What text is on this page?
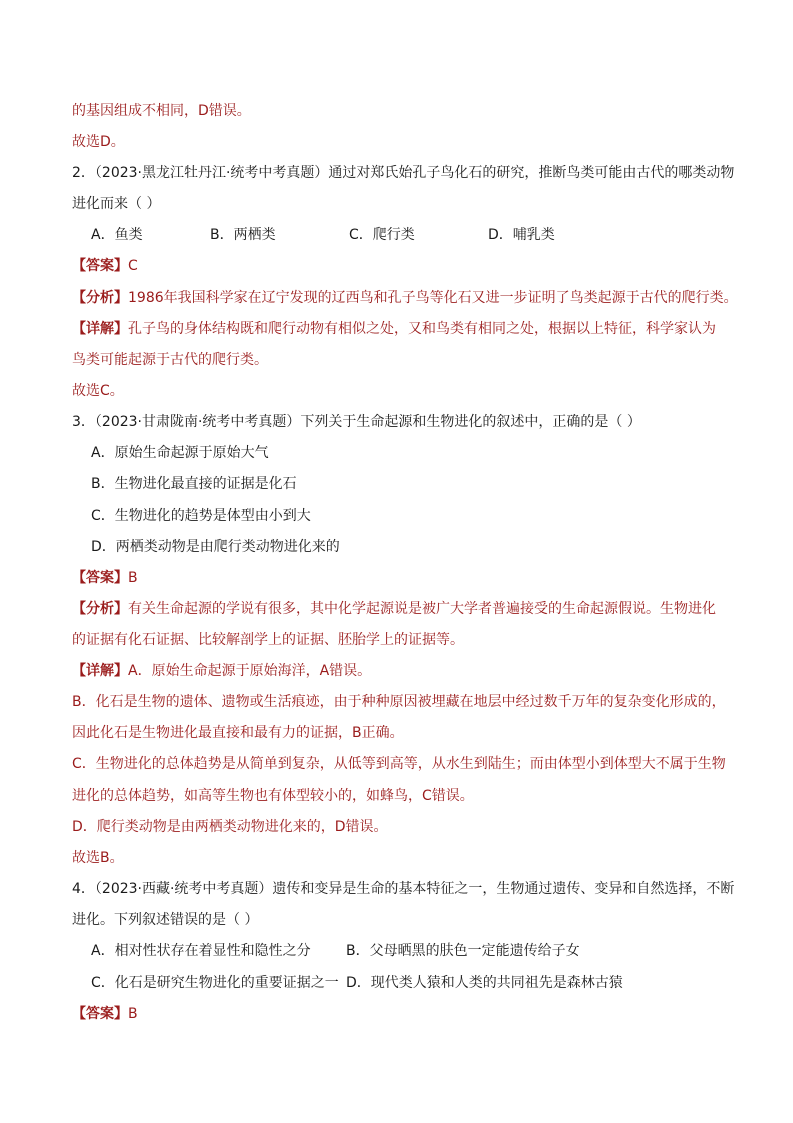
的基因组成不相同，D错误。
故选D。
2．（2023·黑龙江牡丹江·统考中考真题）通过对郑氏始孔子鸟化石的研究，推断鸟类可能由古代的哪类动物
进化而来（ ）
A．鱼类	B．两栖类	C．爬行类	D．哺乳类
【答案】C
【分析】1986年我国科学家在辽宁发现的辽西鸟和孔子鸟等化石又进一步证明了鸟类起源于古代的爬行类。
【详解】孔子鸟的身体结构既和爬行动物有相似之处，又和鸟类有相同之处，根据以上特征，科学家认为
鸟类可能起源于古代的爬行类。
故选C。
3．（2023·甘肃陇南·统考中考真题）下列关于生命起源和生物进化的叙述中，正确的是（ ）
A．原始生命起源于原始大气
B．生物进化最直接的证据是化石
C．生物进化的趋势是体型由小到大
D．两栖类动物是由爬行类动物进化来的
【答案】B
【分析】有关生命起源的学说有很多，其中化学起源说是被广大学者普遍接受的生命起源假说。生物进化
的证据有化石证据、比较解剖学上的证据、胚胎学上的证据等。
【详解】A．原始生命起源于原始海洋，A错误。
B．化石是生物的遗体、遗物或生活痕迹，由于种种原因被埋藏在地层中经过数千万年的复杂变化形成的，
因此化石是生物进化最直接和最有力的证据，B正确。
C．生物进化的总体趋势是从简单到复杂，从低等到高等，从水生到陆生；而由体型小到体型大不属于生物
进化的总体趋势，如高等生物也有体型较小的，如蜂鸟，C错误。
D．爬行类动物是由两栖类动物进化来的，D错误。
故选B。
4．（2023·西藏·统考中考真题）遗传和变异是生命的基本特征之一，生物通过遗传、变异和自然选择，不断
进化。下列叙述错误的是（ ）
A．相对性状存在着显性和隐性之分	B．父母晒黑的肤色一定能遗传给子女
C．化石是研究生物进化的重要证据之一 D．现代类人猿和人类的共同祖先是森林古猿
【答案】B
